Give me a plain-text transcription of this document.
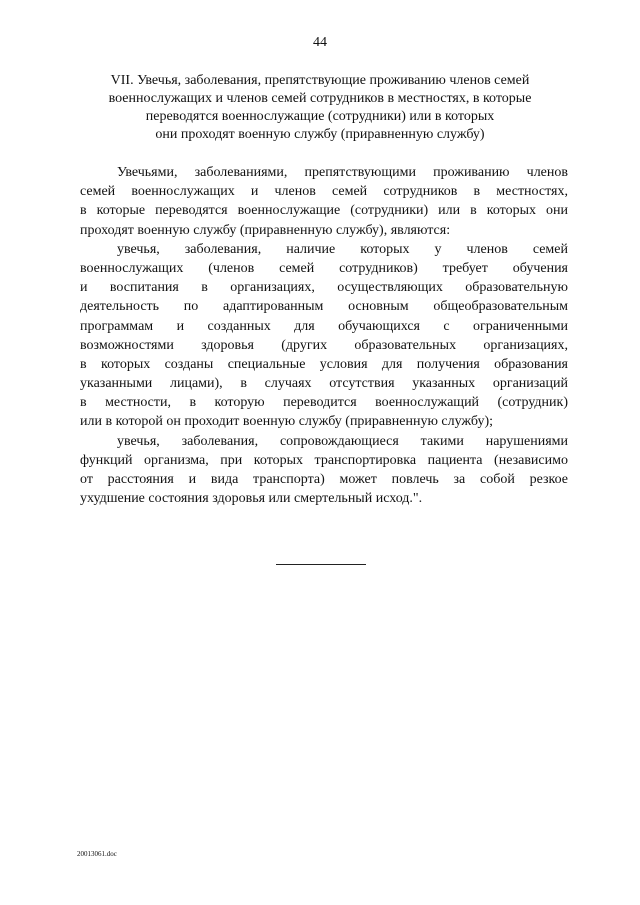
44
VII. Увечья, заболевания, препятствующие проживанию членов семей
военнослужащих и членов семей сотрудников в местностях, в которые
переводятся военнослужащие (сотрудники) или в которых
они проходят военную службу (приравненную службу)

Увечьями, заболеваниями, препятствующими проживанию членов
семей военнослужащих и членов семей сотрудников в местностях,
в которые переводятся военнослужащие (сотрудники) или в которых они
проходят военную службу (приравненную службу), являются:

увечья, заболевания, наличие которых у членов семей
военнослужащих (членов семей сотрудников) требует обучения
и воспитания в организациях, осуществляющих образовательную
деятельность по адаптированным основным общеобразовательным
программам и созданных для обучающихся с ограниченными
возможностями здоровья (других образовательных организациях,
в которых созданы специальные условия для получения образования
указанными лицами), в случаях отсутствия указанных организаций
в местности, в которую переводится военнослужащий (сотрудник)
или в которой он проходит военную службу (приравненную службу);

увечья, заболевания, сопровождающиеся такими нарушениями
функций организма, при которых транспортировка пациента (независимо
от расстояния и вида транспорта) может повлечь за собой резкое
ухудшение состояния здоровья или смертельный исход.".

20013061.doc
